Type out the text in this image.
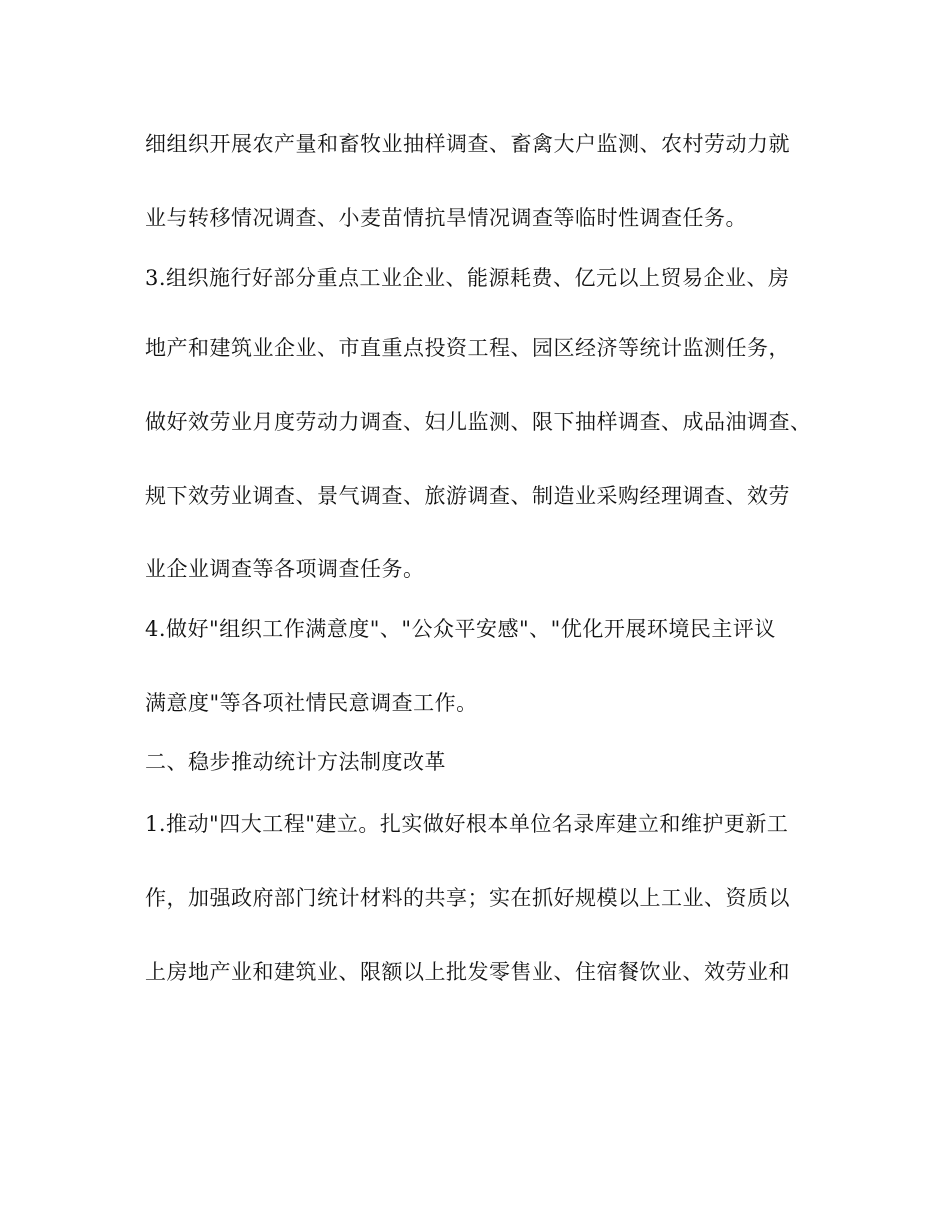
细组织开展农产量和畜牧业抽样调查、畜禽大户监测、农村劳动力就
业与转移情况调查、小麦苗情抗旱情况调查等临时性调查任务。
3.组织施行好部分重点工业企业、能源耗费、亿元以上贸易企业、房
地产和建筑业企业、市直重点投资工程、园区经济等统计监测任务，
做好效劳业月度劳动力调查、妇儿监测、限下抽样调查、成品油调查、
规下效劳业调查、景气调查、旅游调查、制造业采购经理调查、效劳
业企业调查等各项调查任务。
4.做好"组织工作满意度"、"公众平安感"、"优化开展环境民主评议
满意度"等各项社情民意调查工作。
二、稳步推动统计方法制度改革
1.推动"四大工程"建立。扎实做好根本单位名录库建立和维护更新工
作，加强政府部门统计材料的共享；实在抓好规模以上工业、资质以
上房地产业和建筑业、限额以上批发零售业、住宿餐饮业、效劳业和
